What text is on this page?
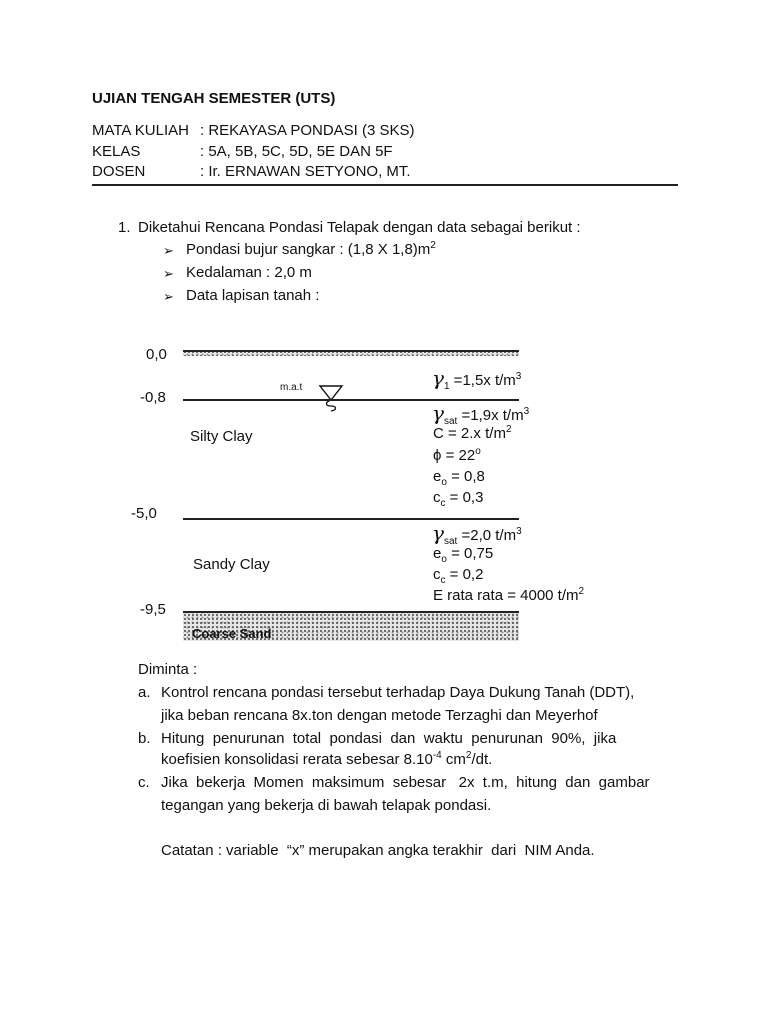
UJIAN TENGAH SEMESTER (UTS)
MATA KULIAH : REKAYASA PONDASI (3 SKS)
KELAS	: 5A, 5B, 5C, 5D, 5E DAN 5F
DOSEN	: Ir. ERNAWAN SETYONO, MT.
1. Diketahui Rencana Pondasi Telapak dengan data sebagai berikut :
➢ Pondasi bujur sangkar : (1,8 X $1,8)m^2$
➢ Kedalaman : 2,0 m
➢ Data lapisan tanah :
0,0
m.a.t
-0,8
Silty Clay
-5,0
Sandy Clay
-9,5
Coarse Sand
$\gamma_1 =1,5x$ $t/m^3$
$\gamma_{sat} =1,9x$ $t/m^3$
C = 2.x $t/m^2$
$\phi = 22^o$
$e_o = 0,8$
$c_c = 0,3$
$\gamma_{sat} =2,0$ $t/m^3$
$e_o = 0,75$
$c_c = 0,2$
E rata rata = 4000 $t/m^2$
Diminta :
a. Kontrol rencana pondasi tersebut terhadap Daya Dukung Tanah (DDT),
jika beban rencana 8x.ton dengan metode Terzaghi dan Meyerhof
b. Hitung  penurunan  total  pondasi  dan  waktu  penurunan  90%,  jika
koefisien konsolidasi rerata sebesar $8.10^{-4}$ $cm^2/dt$.
c. Jika  bekerja  Momen  maksimum  sebesar   2x  t.m,  hitung  dan  gambar
tegangan yang bekerja di bawah telapak pondasi.
Catatan : variable  “x” merupakan angka terakhir  dari  NIM Anda.
